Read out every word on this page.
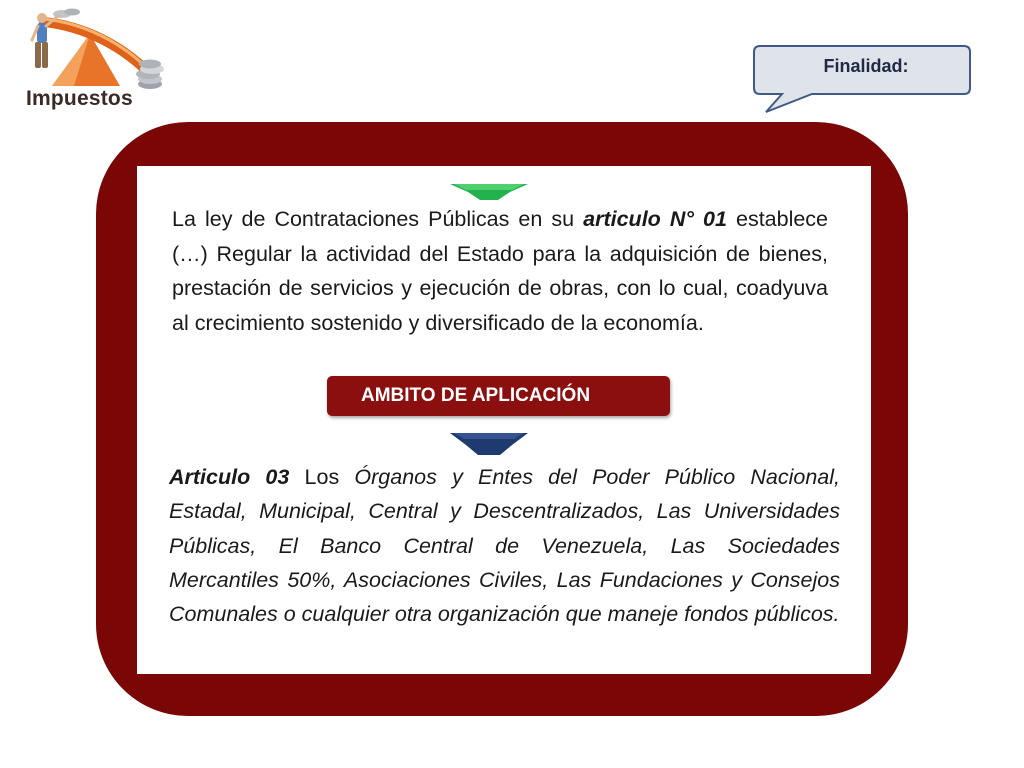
Impuestos
Finalidad:
La ley de Contrataciones Públicas en su articulo N° 01 establece (…) Regular la actividad del Estado para la adquisición de bienes, prestación de servicios y ejecución de obras, con lo cual, coadyuva al crecimiento sostenido y diversificado de la economía.
AMBITO DE APLICACIÓN
Articulo 03 Los Órganos y Entes del Poder Público Nacional, Estadal, Municipal, Central y Descentralizados, Las Universidades Públicas, El Banco Central de Venezuela, Las Sociedades Mercantiles 50%, Asociaciones Civiles, Las Fundaciones y Consejos Comunales o cualquier otra organización que maneje fondos públicos.
